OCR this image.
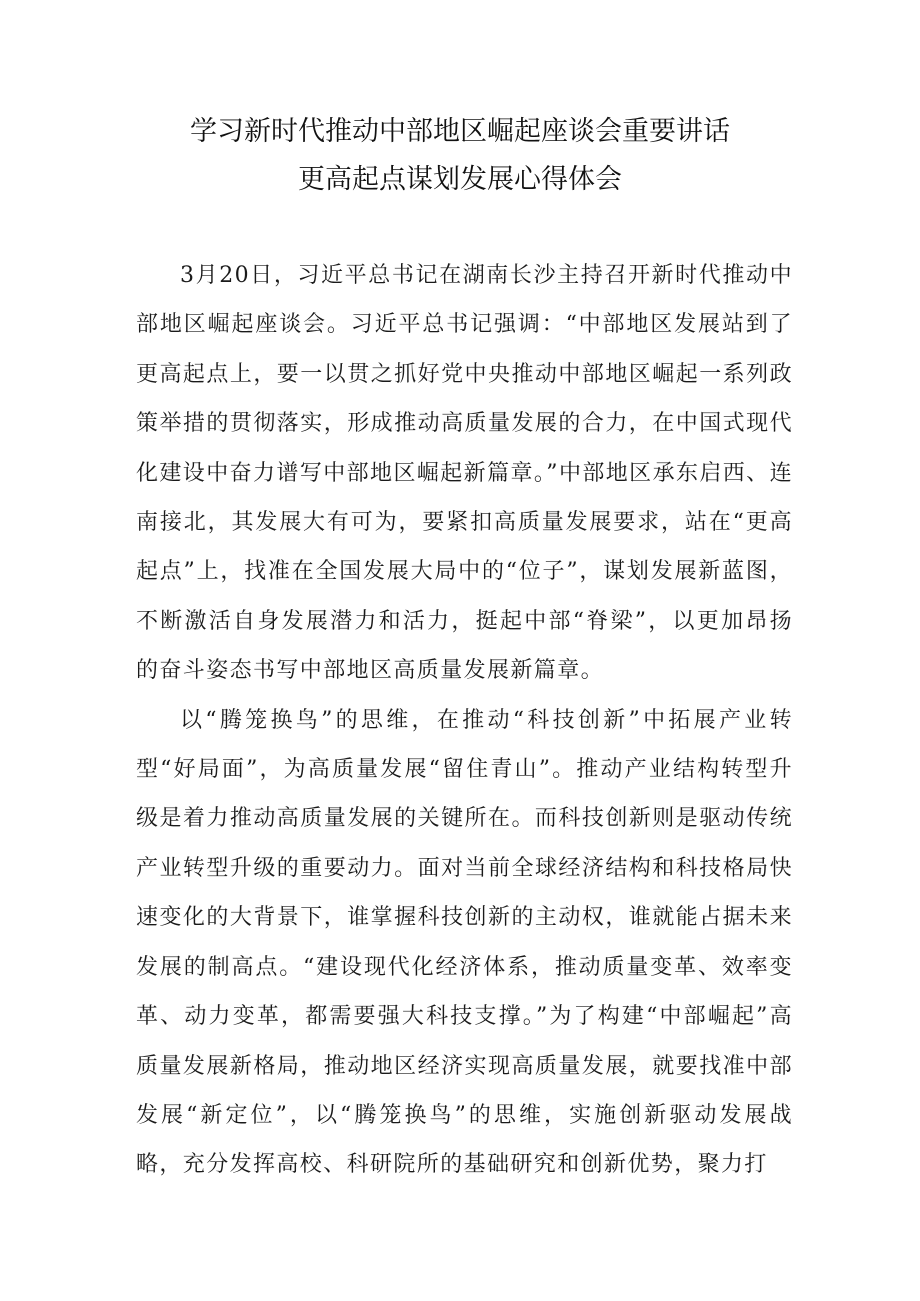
学习新时代推动中部地区崛起座谈会重要讲话
更高起点谋划发展心得体会

3月20日，习近平总书记在湖南长沙主持召开新时代推动中部地区崛起座谈会。习近平总书记强调：“中部地区发展站到了更高起点上，要一以贯之抓好党中央推动中部地区崛起一系列政策举措的贯彻落实，形成推动高质量发展的合力，在中国式现代化建设中奋力谱写中部地区崛起新篇章。”中部地区承东启西、连南接北，其发展大有可为，要紧扣高质量发展要求，站在“更高起点”上，找准在全国发展大局中的“位子”，谋划发展新蓝图，不断激活自身发展潜力和活力，挺起中部“脊梁”，以更加昂扬的奋斗姿态书写中部地区高质量发展新篇章。

以“腾笼换鸟”的思维，在推动“科技创新”中拓展产业转型“好局面”，为高质量发展“留住青山”。推动产业结构转型升级是着力推动高质量发展的关键所在。而科技创新则是驱动传统产业转型升级的重要动力。面对当前全球经济结构和科技格局快速变化的大背景下，谁掌握科技创新的主动权，谁就能占据未来发展的制高点。“建设现代化经济体系，推动质量变革、效率变革、动力变革，都需要强大科技支撑。”为了构建“中部崛起”高质量发展新格局，推动地区经济实现高质量发展，就要找准中部发展“新定位”，以“腾笼换鸟”的思维，实施创新驱动发展战略，充分发挥高校、科研院所的基础研究和创新优势，聚力打
